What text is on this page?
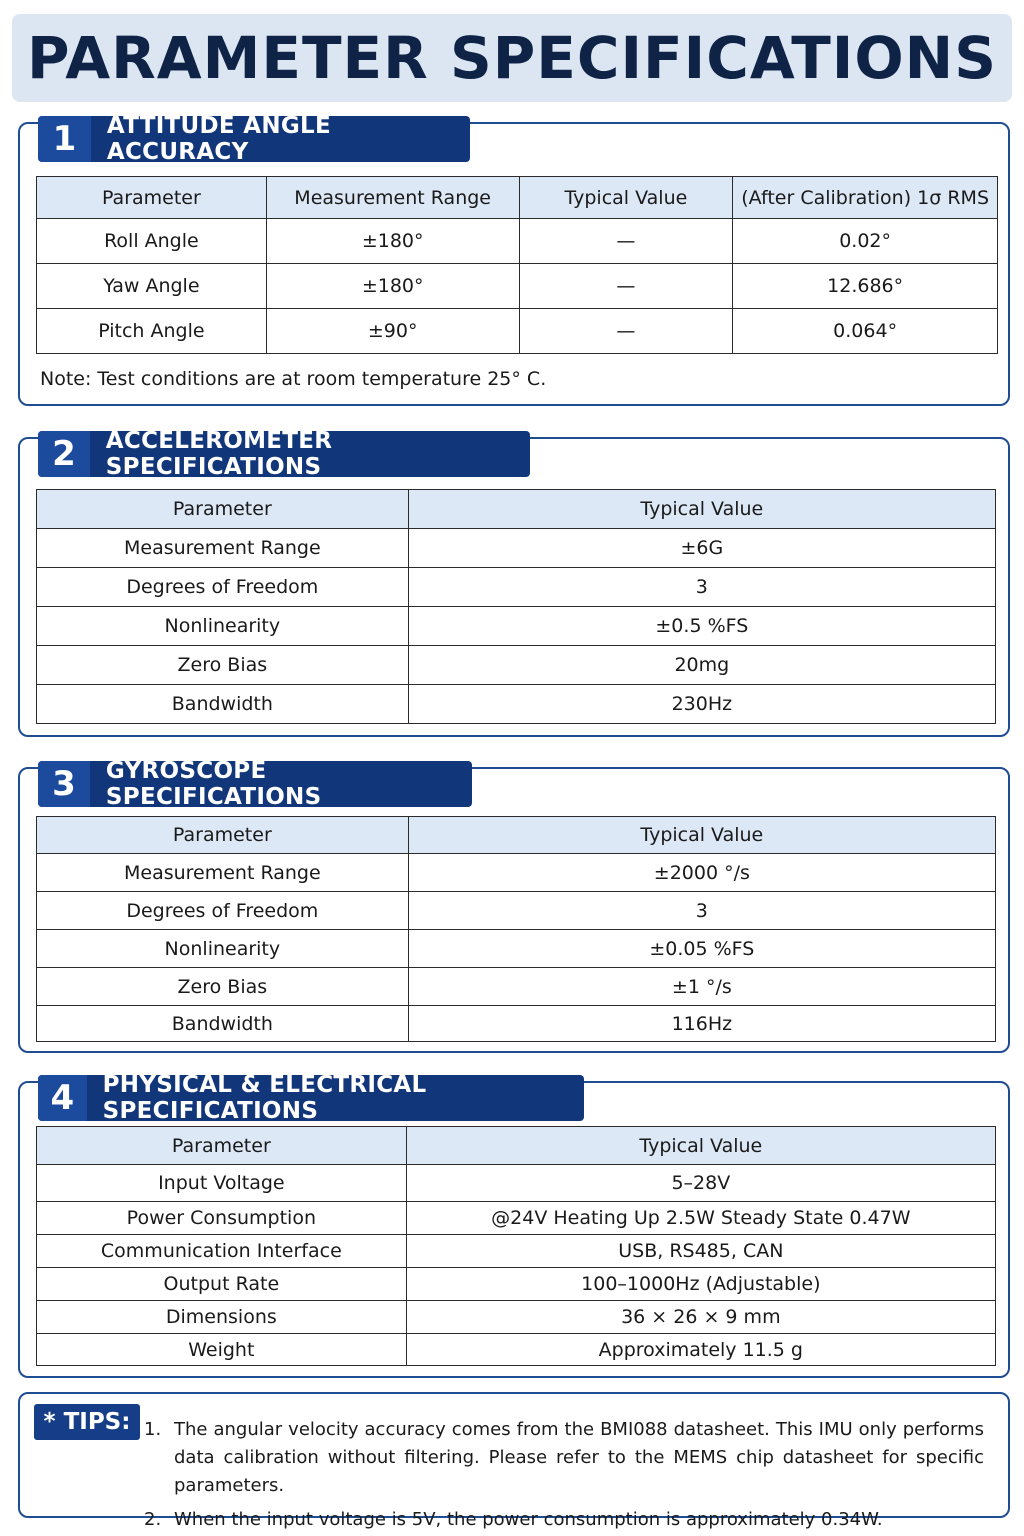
PARAMETER SPECIFICATIONS
1	ATTITUDE ANGLE ACCURACY
Parameter	Measurement Range	Typical Value	(After Calibration) 1σ RMS
Roll Angle	±180°	—	0.02°
Yaw Angle	±180°	—	12.686°
Pitch Angle	±90°	—	0.064°
Note: Test conditions are at room temperature 25° C.
2	ACCELEROMETER SPECIFICATIONS
Parameter	Typical Value
Measurement Range	±6G
Degrees of Freedom	3
Nonlinearity	±0.5 %FS
Zero Bias	20mg
Bandwidth	230Hz
3	GYROSCOPE SPECIFICATIONS
Parameter	Typical Value
Measurement Range	±2000 °/s
Degrees of Freedom	3
Nonlinearity	±0.05 %FS
Zero Bias	±1 °/s
Bandwidth	116Hz
4	PHYSICAL & ELECTRICAL SPECIFICATIONS
Parameter	Typical Value
Input Voltage	5–28V
Power Consumption	@24V Heating Up 2.5W Steady State 0.47W
Communication Interface	USB, RS485, CAN
Output Rate	100–1000Hz (Adjustable)
Dimensions	36 × 26 × 9 mm
Weight	Approximately 11.5 g
* TIPS: 1. The angular velocity accuracy comes from the BMI088 datasheet. This IMU only performs data calibration without filtering. Please refer to the MEMS chip datasheet for specific parameters.
2. When the input voltage is 5V, the power consumption is approximately 0.34W.
